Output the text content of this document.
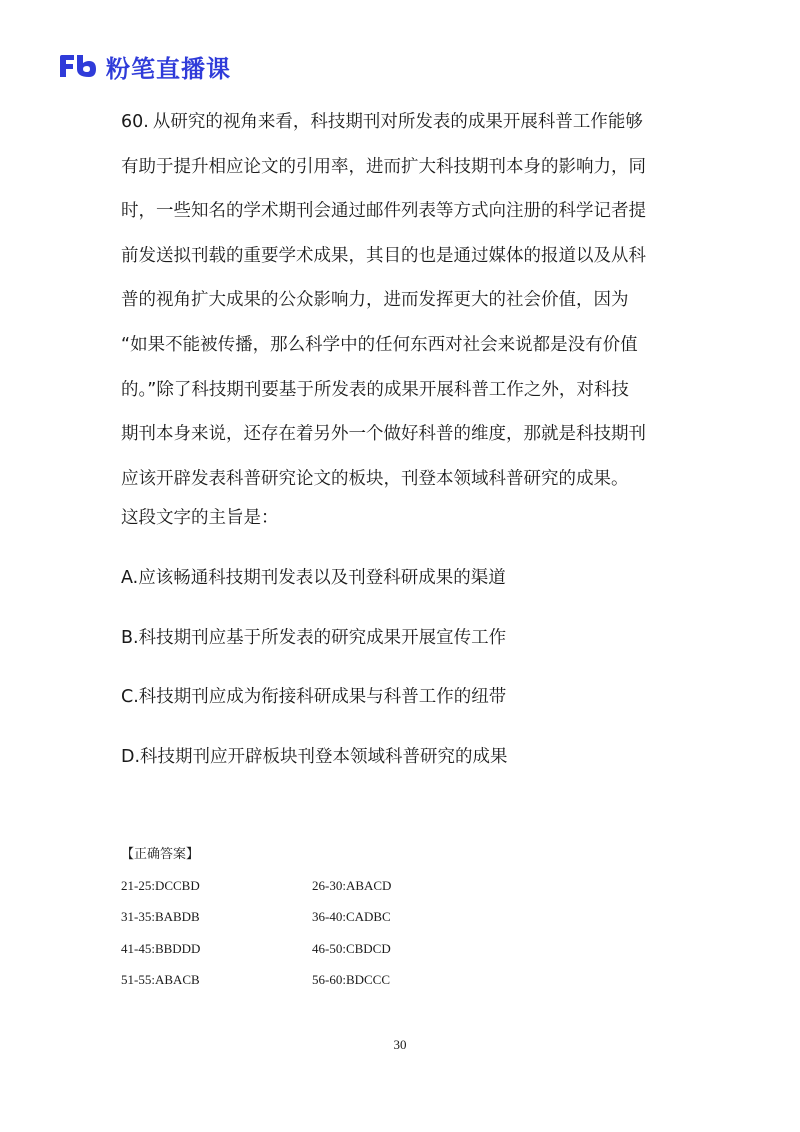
粉笔直播课
60. 从研究的视角来看，科技期刊对所发表的成果开展科普工作能够
有助于提升相应论文的引用率，进而扩大科技期刊本身的影响力，同
时，一些知名的学术期刊会通过邮件列表等方式向注册的科学记者提
前发送拟刊载的重要学术成果，其目的也是通过媒体的报道以及从科
普的视角扩大成果的公众影响力，进而发挥更大的社会价值，因为
“如果不能被传播，那么科学中的任何东西对社会来说都是没有价值
的。”除了科技期刊要基于所发表的成果开展科普工作之外，对科技
期刊本身来说，还存在着另外一个做好科普的维度，那就是科技期刊
应该开辟发表科普研究论文的板块，刊登本领域科普研究的成果。
这段文字的主旨是：
A.应该畅通科技期刊发表以及刊登科研成果的渠道
B.科技期刊应基于所发表的研究成果开展宣传工作
C.科技期刊应成为衔接科研成果与科普工作的纽带
D.科技期刊应开辟板块刊登本领域科普研究的成果
【正确答案】
21-25:DCCBD	26-30:ABACD
31-35:BABDB	36-40:CADBC
41-45:BBDDD	46-50:CBDCD
51-55:ABACB	56-60:BDCCC
30
